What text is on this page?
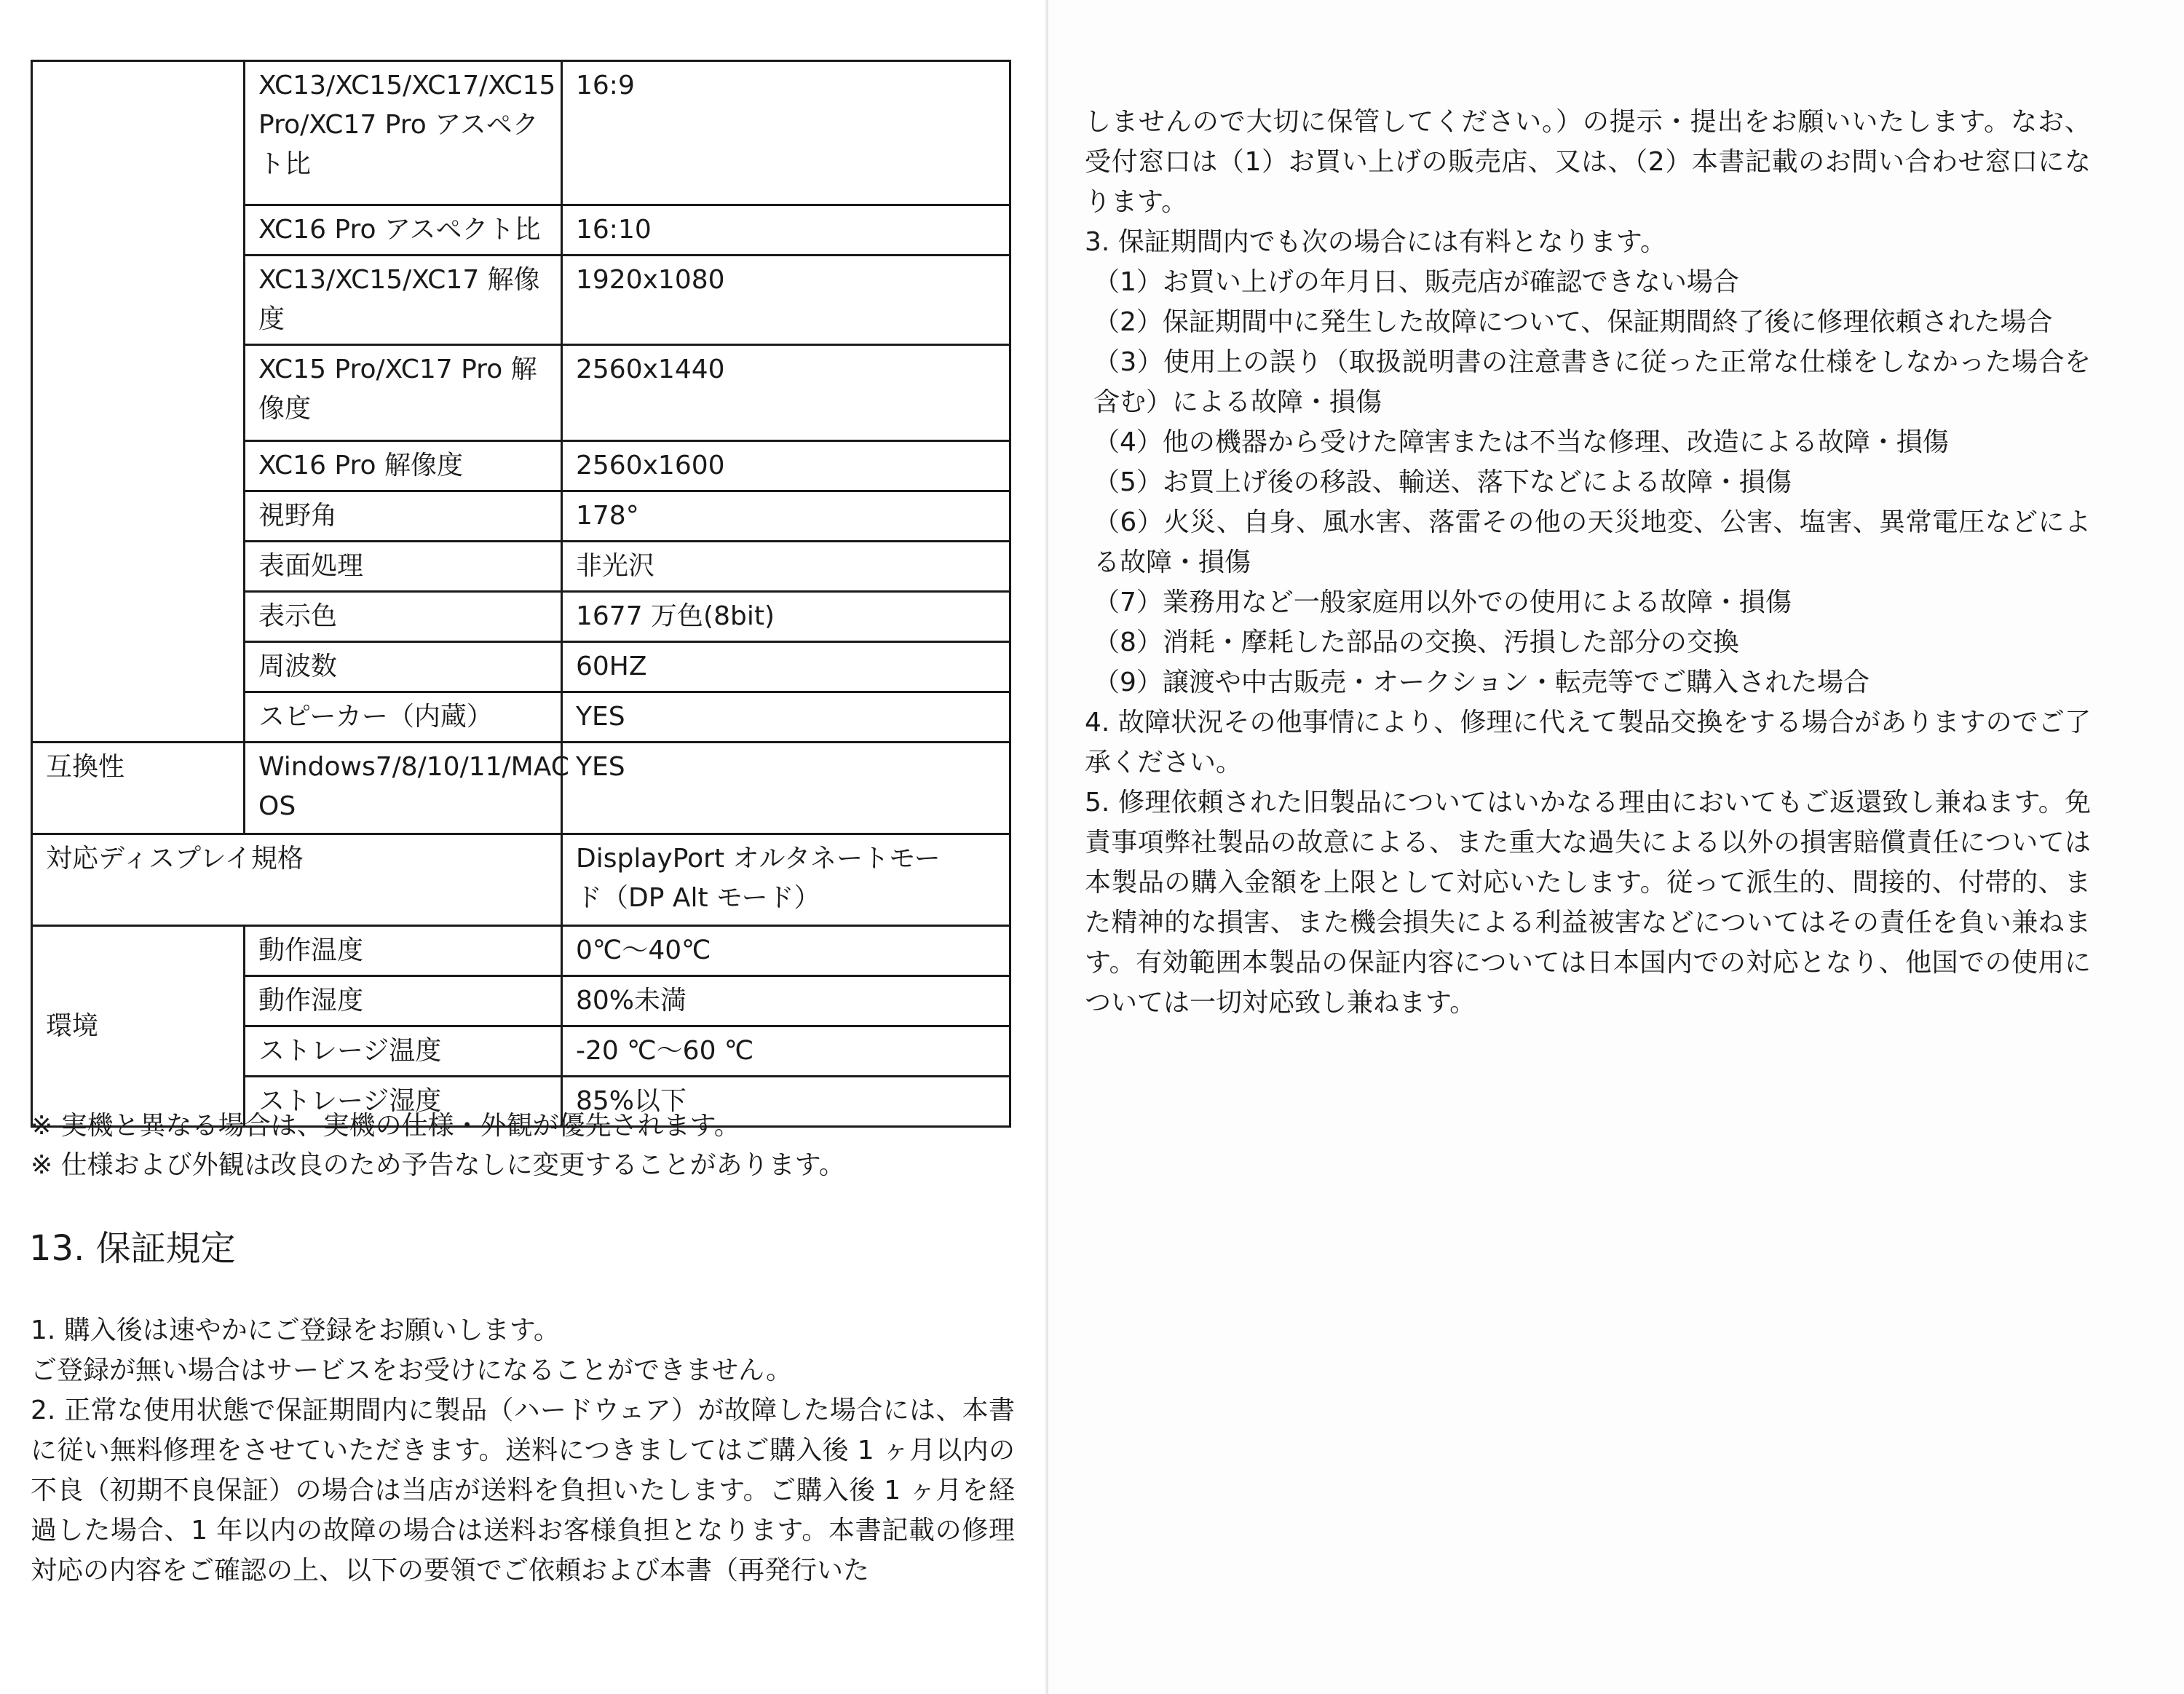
	XC13/XC15/XC17/XC15 Pro/XC17 Pro アスペクト比	16:9
	XC16 Pro アスペクト比	16:10
	XC13/XC15/XC17 解像度	1920x1080
	XC15 Pro/XC17 Pro 解像度	2560x1440
	XC16 Pro 解像度	2560x1600
	視野角	178°
	表面処理	非光沢
	表示色	1677 万色(8bit)
	周波数	60HZ
	スピーカー（内蔵）	YES
互換性	Windows7/8/10/11/MAC OS	YES
対応ディスプレイ規格		DisplayPort オルタネートモード（DP Alt モード）
環境	動作温度	0℃～40℃
	動作湿度	80%未満
	ストレージ温度	-20 ℃～60 ℃
	ストレージ湿度	85%以下
※ 実機と異なる場合は、実機の仕様・外観が優先されます。
※ 仕様および外観は改良のため予告なしに変更することがあります。
13. 保証規定

1. 購入後は速やかにご登録をお願いします。

ご登録が無い場合はサービスをお受けになることができません。

2. 正常な使用状態で保証期間内に製品（ハードウェア）が故障した場合には、本書に従い無料修理をさせていただきます。送料につきましてはご購入後 1 ヶ月以内の不良（初期不良保証）の場合は当店が送料を負担いたします。ご購入後 1 ヶ月を経過した場合、1 年以内の故障の場合は送料お客様負担となります。本書記載の修理対応の内容をご確認の上、以下の要領でご依頼および本書（再発行いた

しませんので大切に保管してください。）の提示・提出をお願いいたします。なお、受付窓口は（1）お買い上げの販売店、又は、（2）本書記載のお問い合わせ窓口になります。

3. 保証期間内でも次の場合には有料となります。

（1）お買い上げの年月日、販売店が確認できない場合

（2）保証期間中に発生した故障について、保証期間終了後に修理依頼された場合

（3）使用上の誤り（取扱説明書の注意書きに従った正常な仕様をしなかった場合を含む）による故障・損傷

（4）他の機器から受けた障害または不当な修理、改造による故障・損傷

（5）お買上げ後の移設、輸送、落下などによる故障・損傷

（6）火災、自身、風水害、落雷その他の天災地変、公害、塩害、異常電圧などによる故障・損傷

（7）業務用など一般家庭用以外での使用による故障・損傷

（8）消耗・摩耗した部品の交換、汚損した部分の交換

（9）譲渡や中古販売・オークション・転売等でご購入された場合

4. 故障状況その他事情により、修理に代えて製品交換をする場合がありますのでご了承ください。

5. 修理依頼された旧製品についてはいかなる理由においてもご返還致し兼ねます。免責事項弊社製品の故意による、また重大な過失による以外の損害賠償責任については本製品の購入金額を上限として対応いたします。従って派生的、間接的、付帯的、また精神的な損害、また機会損失による利益被害などについてはその責任を負い兼ねます。有効範囲本製品の保証内容については日本国内での対応となり、他国での使用については一切対応致し兼ねます。
